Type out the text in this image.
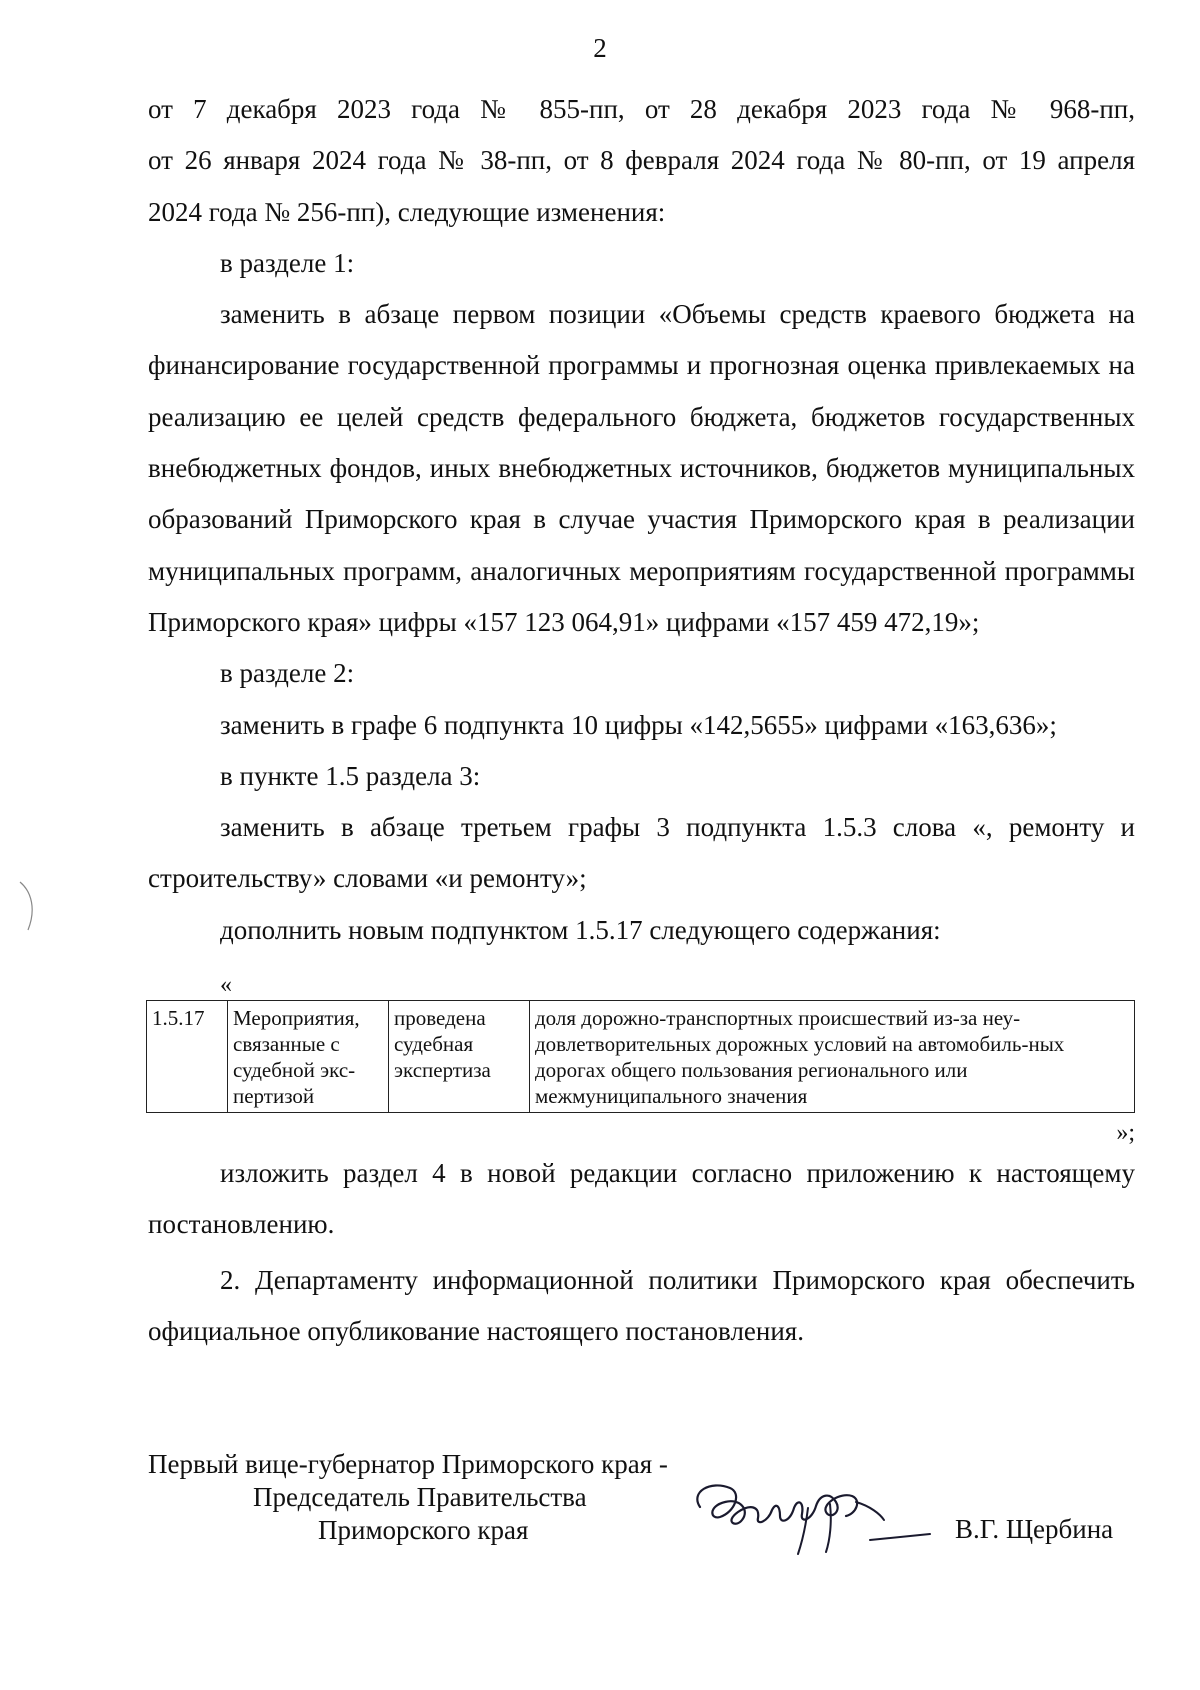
2

от 7 декабря 2023 года № 855-пп, от 28 декабря 2023 года № 968-пп,

от 26 января 2024 года № 38-пп, от 8 февраля 2024 года № 80-пп, от 19 апреля

2024 года № 256-пп), следующие изменения:

в разделе 1:

заменить в абзаце первом позиции «Объемы средств краевого бюджета на финансирование государственной программы и прогнозная оценка привлекаемых на реализацию ее целей средств федерального бюджета, бюджетов государственных внебюджетных фондов, иных внебюджетных источников, бюджетов муниципальных образований Приморского края в случае участия Приморского края в реализации муниципальных программ, аналогичных мероприятиям государственной программы Приморского края» цифры «157 123 064,91» цифрами «157 459 472,19»;

в разделе 2:

заменить в графе 6 подпункта 10 цифры «142,5655» цифрами «163,636»;

в пункте 1.5 раздела 3:

заменить в абзаце третьем графы 3 подпункта 1.5.3 слова «, ремонту и строительству» словами «и ремонту»;

дополнить новым подпунктом 1.5.17 следующего содержания:

«
1.5.17	Мероприятия, связанные с судебной экс-пертизой	проведена судебная экспертиза	доля дорожно-транспортных происшествий из-за неу-довлетворительных дорожных условий на автомобиль-ных дорогах общего пользования регионального или межмуниципального значения
»;

изложить раздел 4 в новой редакции согласно приложению к настоящему постановлению.

2. Департаменту информационной политики Приморского края обеспечить официальное опубликование настоящего постановления.

Первый вице-губернатор Приморского края -
Председатель Правительства
Приморского края	В.Г. Щербина
